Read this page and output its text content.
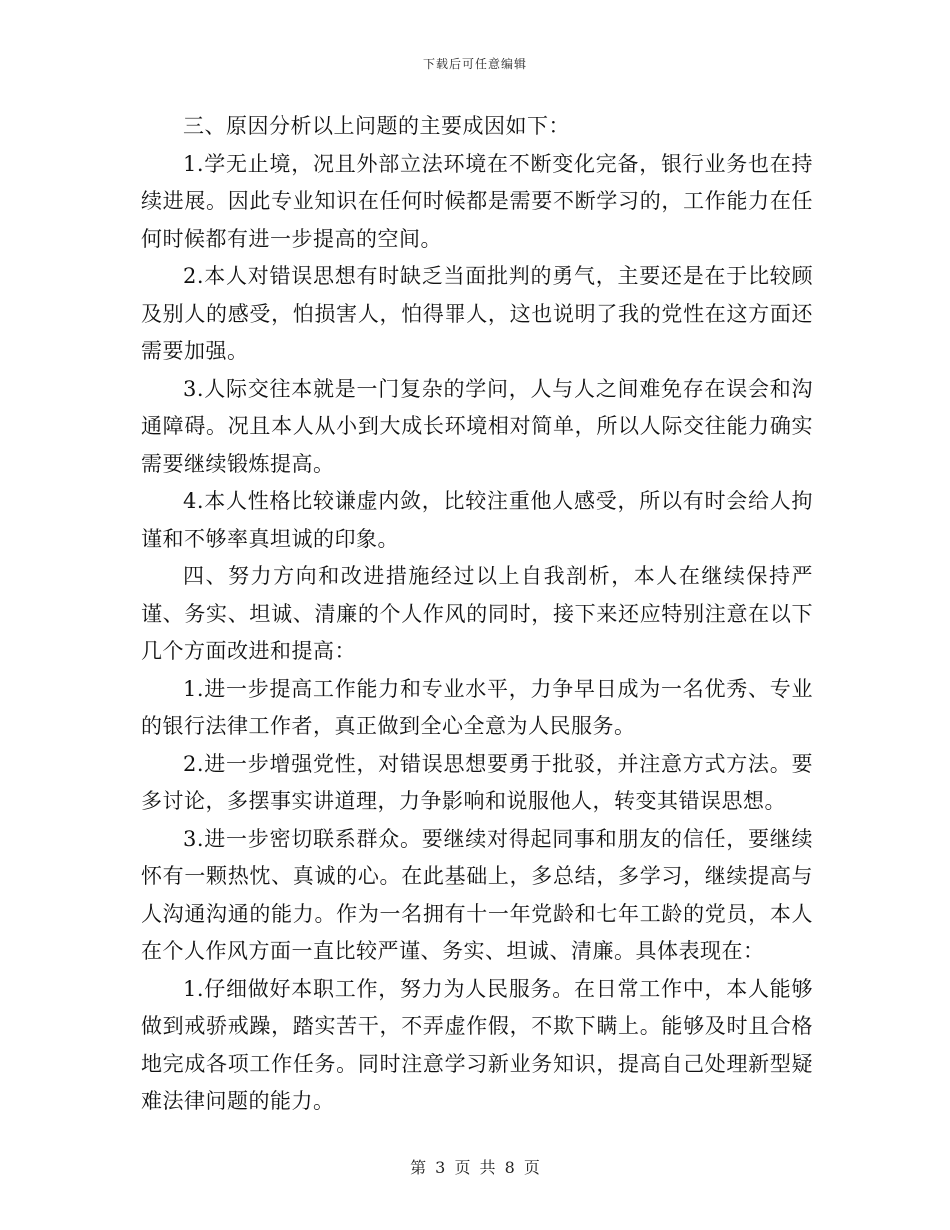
下载后可任意编辑

三、原因分析以上问题的主要成因如下：

1.学无止境，况且外部立法环境在不断变化完备，银行业务也在持续进展。因此专业知识在任何时候都是需要不断学习的，工作能力在任何时候都有进一步提高的空间。

2.本人对错误思想有时缺乏当面批判的勇气，主要还是在于比较顾及别人的感受，怕损害人，怕得罪人，这也说明了我的党性在这方面还需要加强。

3.人际交往本就是一门复杂的学问，人与人之间难免存在误会和沟通障碍。况且本人从小到大成长环境相对简单，所以人际交往能力确实需要继续锻炼提高。

4.本人性格比较谦虚内敛，比较注重他人感受，所以有时会给人拘谨和不够率真坦诚的印象。

四、努力方向和改进措施经过以上自我剖析，本人在继续保持严谨、务实、坦诚、清廉的个人作风的同时，接下来还应特别注意在以下几个方面改进和提高：

1.进一步提高工作能力和专业水平，力争早日成为一名优秀、专业的银行法律工作者，真正做到全心全意为人民服务。

2.进一步增强党性，对错误思想要勇于批驳，并注意方式方法。要多讨论，多摆事实讲道理，力争影响和说服他人，转变其错误思想。

3.进一步密切联系群众。要继续对得起同事和朋友的信任，要继续怀有一颗热忱、真诚的心。在此基础上，多总结，多学习，继续提高与人沟通沟通的能力。作为一名拥有十一年党龄和七年工龄的党员，本人在个人作风方面一直比较严谨、务实、坦诚、清廉。具体表现在：

1.仔细做好本职工作，努力为人民服务。在日常工作中，本人能够做到戒骄戒躁，踏实苦干，不弄虚作假，不欺下瞒上。能够及时且合格地完成各项工作任务。同时注意学习新业务知识，提高自己处理新型疑难法律问题的能力。

第 3 页 共 8 页
